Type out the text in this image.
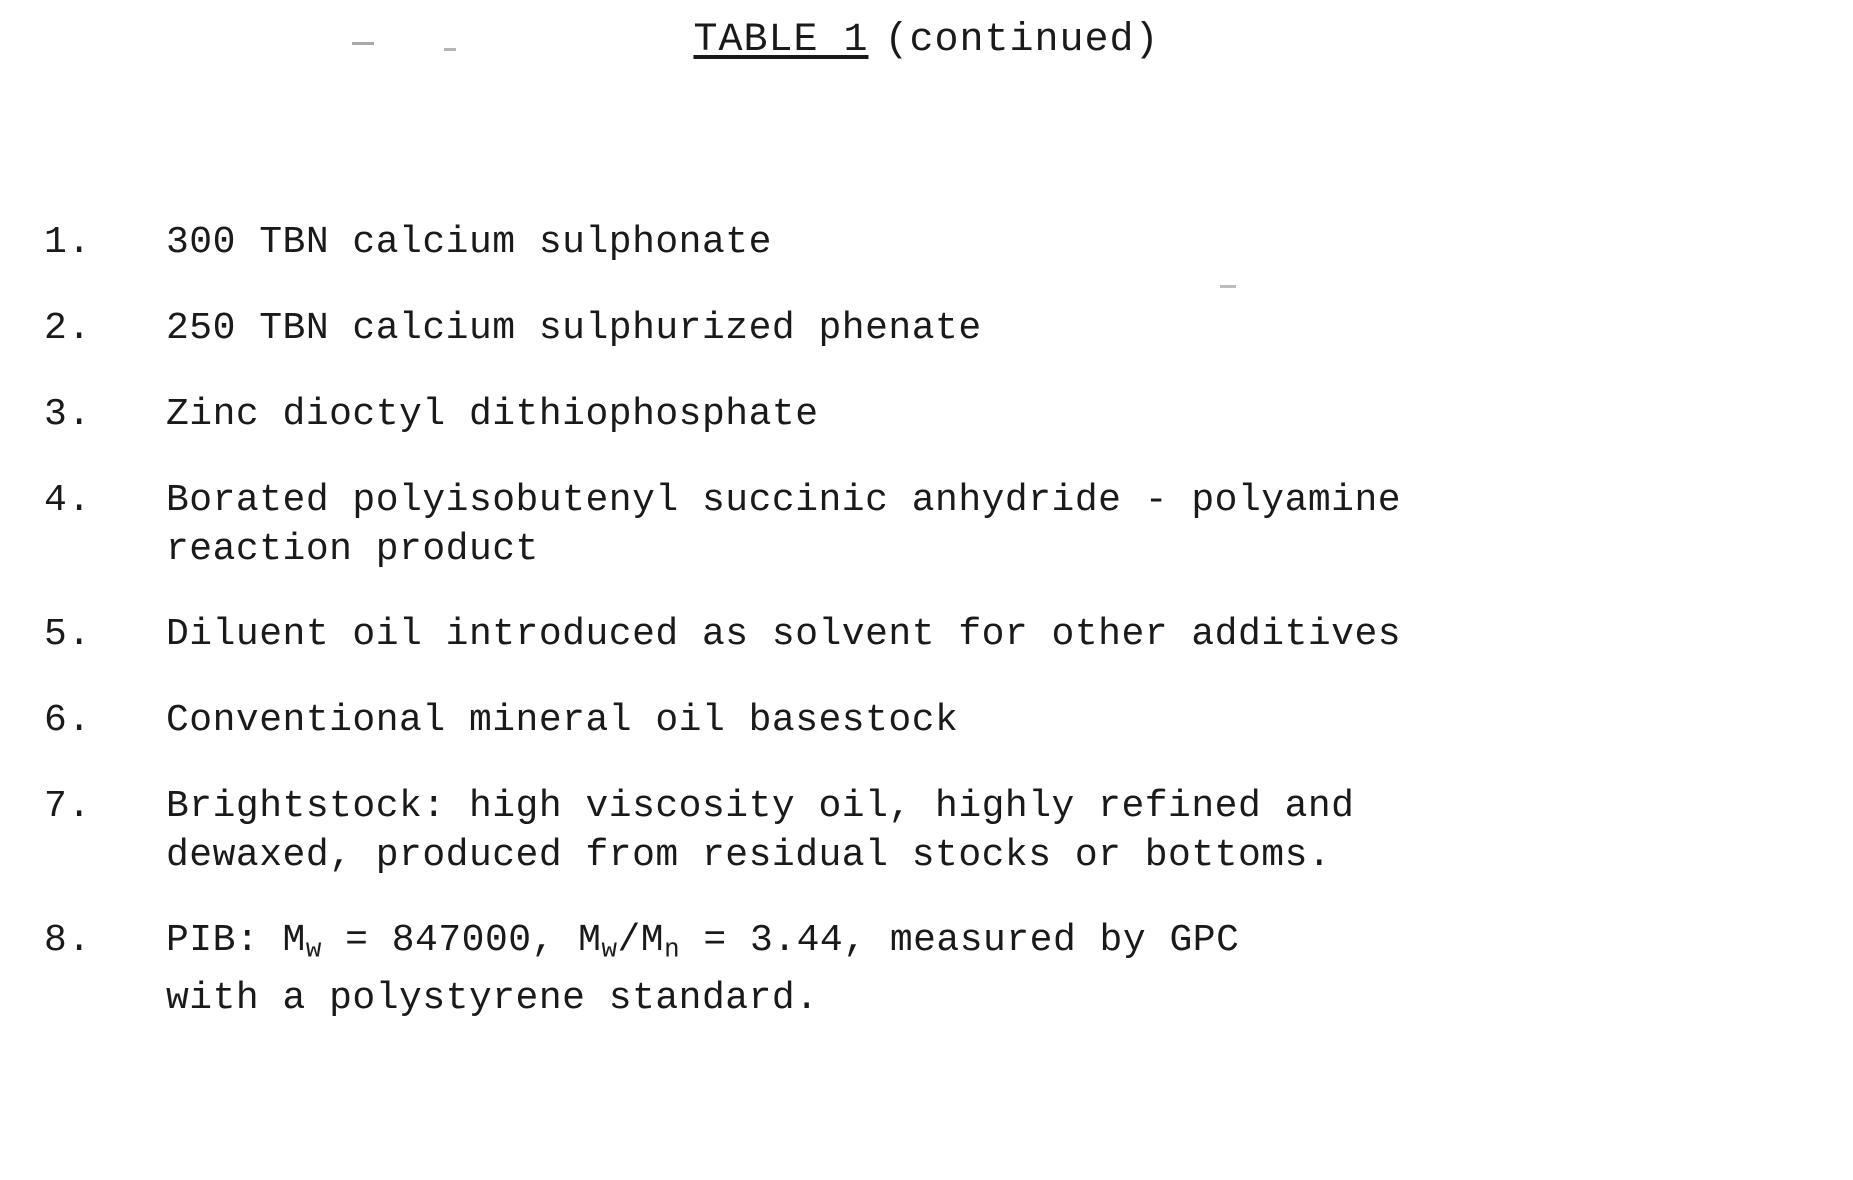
TABLE 1 (continued)
1.	300 TBN calcium sulphonate
2.	250 TBN calcium sulphurized phenate
3.	Zinc dioctyl dithiophosphate
4.	Borated polyisobutenyl succinic anhydride - polyamine
reaction product
5.	Diluent oil introduced as solvent for other additives
6.	Conventional mineral oil basestock
7.	Brightstock: high viscosity oil, highly refined and
dewaxed, produced from residual stocks or bottoms.
8.	PIB: $M_w = 847000$, $M_w/M_n = 3.44$, measured by GPC
with a polystyrene standard.
